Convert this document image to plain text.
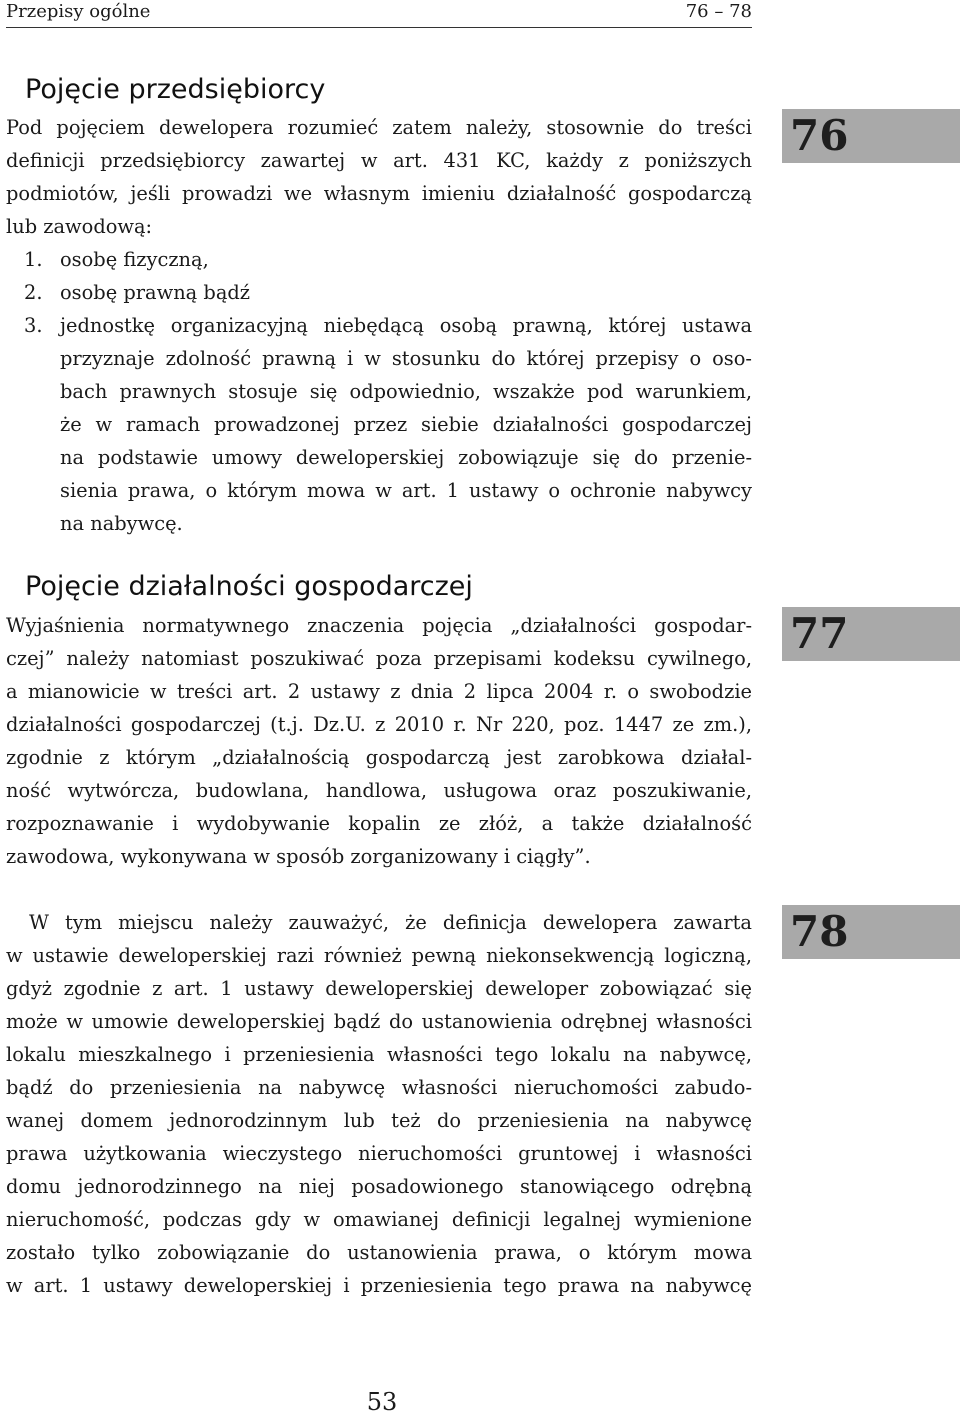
Przepisy ogólne	76 – 78
Pojęcie przedsiębiorcy
Pod pojęciem dewelopera rozumieć zatem należy, stosownie do treści
definicji przedsiębiorcy zawartej w art. 431 KC, każdy z poniższych
podmiotów, jeśli prowadzi we własnym imieniu działalność gospodarczą
lub zawodową:
1. osobę fizyczną,
2. osobę prawną bądź
3. jednostkę organizacyjną niebędącą osobą prawną, której ustawa
przyznaje zdolność prawną i w stosunku do której przepisy o oso-
bach prawnych stosuje się odpowiednio, wszakże pod warunkiem,
że w ramach prowadzonej przez siebie działalności gospodarczej
na podstawie umowy deweloperskiej zobowiązuje się do przenie-
sienia prawa, o którym mowa w art. 1 ustawy o ochronie nabywcy
na nabywcę.
Pojęcie działalności gospodarczej
Wyjaśnienia normatywnego znaczenia pojęcia „działalności gospodar-
czej” należy natomiast poszukiwać poza przepisami kodeksu cywilnego,
a mianowicie w treści art. 2 ustawy z dnia 2 lipca 2004 r. o swobodzie
działalności gospodarczej (t.j. Dz.U. z 2010 r. Nr 220, poz. 1447 ze zm.),
zgodnie z którym „działalnością gospodarczą jest zarobkowa działal-
ność wytwórcza, budowlana, handlowa, usługowa oraz poszukiwanie,
rozpoznawanie i wydobywanie kopalin ze złóż, a także działalność
zawodowa, wykonywana w sposób zorganizowany i ciągły”.
W tym miejscu należy zauważyć, że definicja dewelopera zawarta
w ustawie deweloperskiej razi również pewną niekonsekwencją logiczną,
gdyż zgodnie z art. 1 ustawy deweloperskiej deweloper zobowiązać się
może w umowie deweloperskiej bądź do ustanowienia odrębnej własności
lokalu mieszkalnego i przeniesienia własności tego lokalu na nabywcę,
bądź do przeniesienia na nabywcę własności nieruchomości zabudo-
wanej domem jednorodzinnym lub też do przeniesienia na nabywcę
prawa użytkowania wieczystego nieruchomości gruntowej i własności
domu jednorodzinnego na niej posadowionego stanowiącego odrębną
nieruchomość, podczas gdy w omawianej definicji legalnej wymienione
zostało tylko zobowiązanie do ustanowienia prawa, o którym mowa
w art. 1 ustawy deweloperskiej i przeniesienia tego prawa na nabywcę
76
77
78
53
